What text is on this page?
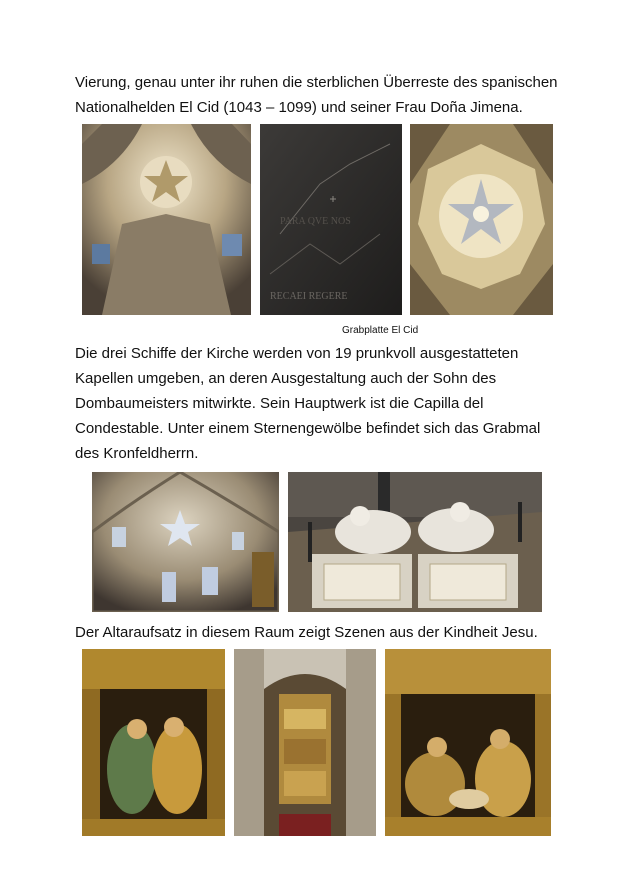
Vierung, genau unter ihr ruhen die sterblichen Überreste des spanischen
Nationalhelden El Cid (1043 – 1099) und seiner Frau Doña Jimena.

PARA QVE NOS
RECAEI REGERE
Grabplatte El Cid

Die drei Schiffe der Kirche werden von 19 prunkvoll ausgestatteten
Kapellen umgeben, an deren Ausgestaltung auch der Sohn des
Dombaumeisters mitwirkte. Sein Hauptwerk ist die Capilla del
Condestable. Unter einem Sternengewölbe befindet sich das Grabmal
des Kronfeldherrn.

Der Altaraufsatz in diesem Raum zeigt Szenen aus der Kindheit Jesu.
